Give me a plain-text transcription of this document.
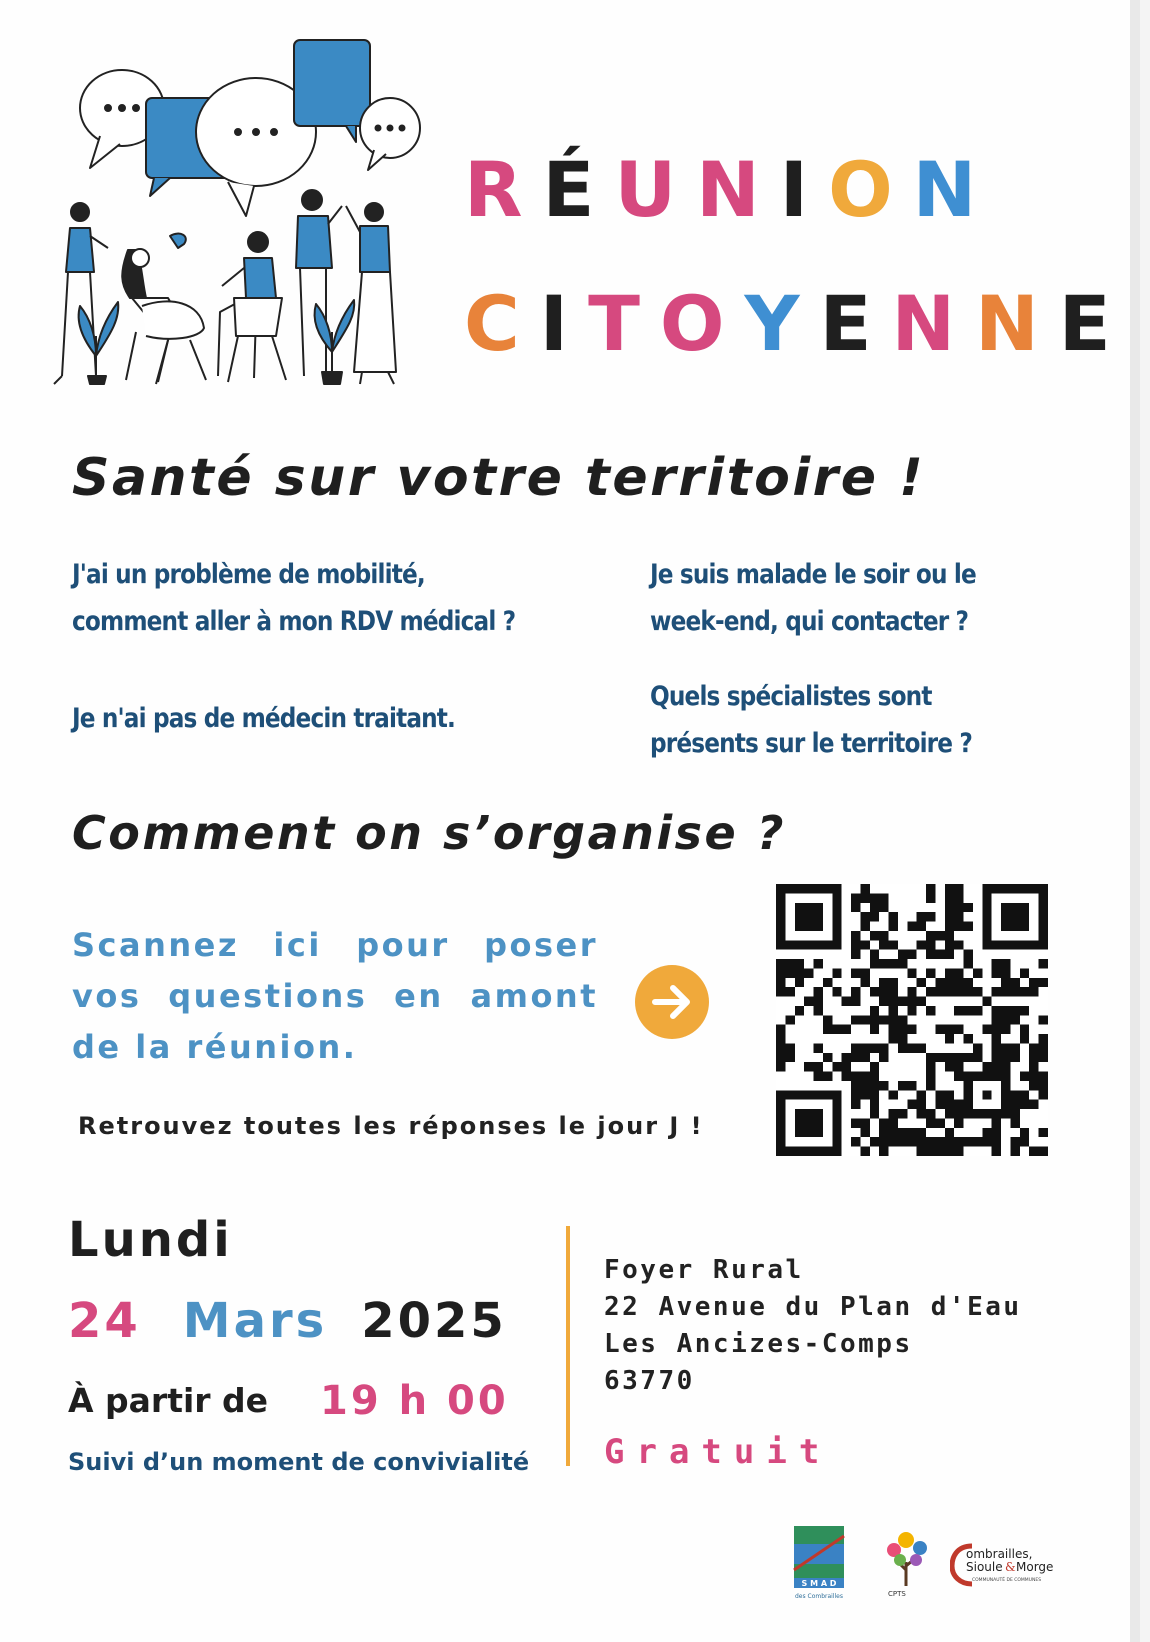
RÉUNION
CITOYENNE
Santé sur votre territoire !
J'ai un problème de mobilité,
comment aller à mon RDV médical ?
Je suis malade le soir ou le
week-end, qui contacter ?
Je n'ai pas de médecin traitant.
Quels spécialistes sont
présents sur le territoire ?
Comment on s’organise ?
Scannez ici pour poser vos questions en amont de la réunion.
Retrouvez toutes les réponses le jour J !
Lundi
24 Mars 2025
À partir de 19 h 00
Suivi d’un moment de convivialité
Foyer Rural
22 Avenue du Plan d'Eau
Les Ancizes-Comps
63770
Gratuit
S M A D
des Combrailles	CPTS
ombrailles,
Sioule & Morge
COMMUNAUTÉ DE COMMUNES
